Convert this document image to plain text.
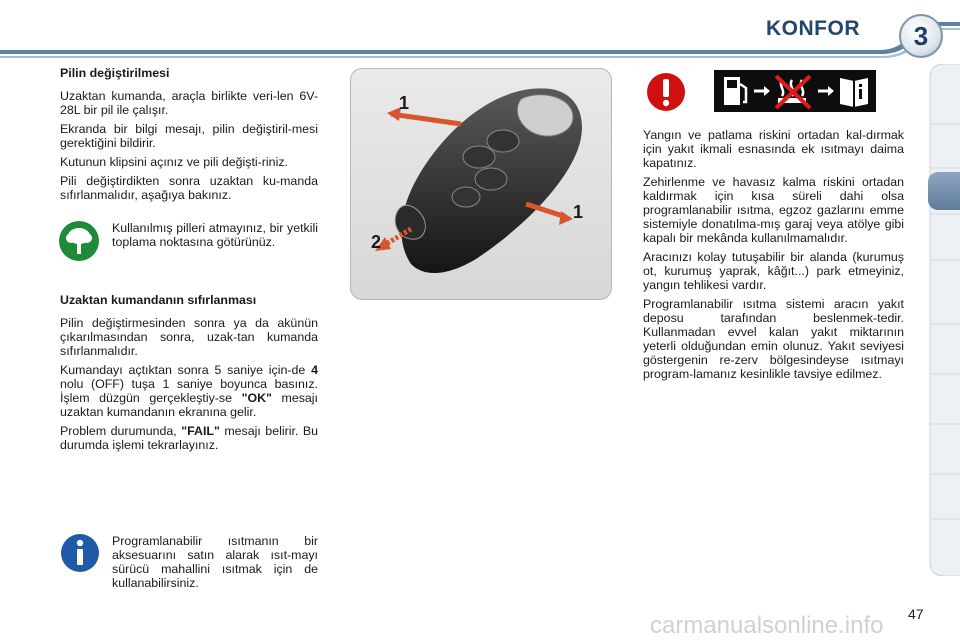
KONFOR	3
Pilin değiştirilmesi

Uzaktan kumanda, araçla birlikte veri-len 6V-28L bir pil ile çalışır.

Ekranda bir bilgi mesajı, pilin değiştiril-mesi gerektiğini bildirir.

Kutunun klipsini açınız ve pili değişti-riniz.

Pili değiştirdikten sonra uzaktan ku-manda sıfırlanmalıdır, aşağıya bakınız.

Kullanılmış pilleri atmayınız, bir yetkili toplama noktasına götürünüz.

Uzaktan kumandanın sıfırlanması

Pilin değiştirmesinden sonra ya da akünün çıkarılmasından sonra, uzak-tan kumanda sıfırlanmalıdır.

Kumandayı açtıktan sonra 5 saniye için-de 4 nolu (OFF) tuşa 1 saniye boyunca basınız. İşlem düzgün gerçekleştiy-se "OK" mesajı uzaktan kumandanın ekranına gelir.

Problem durumunda, "FAIL" mesajı belirir. Bu durumda işlemi tekrarlayınız.

Programlanabilir ısıtmanın bir aksesuarını satın alarak ısıt-mayı sürücü mahallini ısıtmak için de kullanabilirsiniz.

1
1
2

Yangın ve patlama riskini ortadan kal-dırmak için yakıt ikmali esnasında ek ısıtmayı daima kapatınız.

Zehirlenme ve havasız kalma riskini ortadan kaldırmak için kısa süreli dahi olsa programlanabilir ısıtma, egzoz gazlarını emme sistemiyle donatılma-mış garaj veya atölye gibi kapalı bir mekânda kullanılmamalıdır.

Aracınızı kolay tutuşabilir bir alanda (kurumuş ot, kurumuş yaprak, kâğıt...) park etmeyiniz, yangın tehlikesi vardır.

Programlanabilir ısıtma sistemi aracın yakıt deposu tarafından beslenmek-tedir. Kullanmadan evvel kalan yakıt miktarının yeterli olduğundan emin olunuz. Yakıt seviyesi göstergenin re-zerv bölgesindeyse ısıtmayı program-lamanız kesinlikle tavsiye edilmez.

carmanualsonline.info 47
